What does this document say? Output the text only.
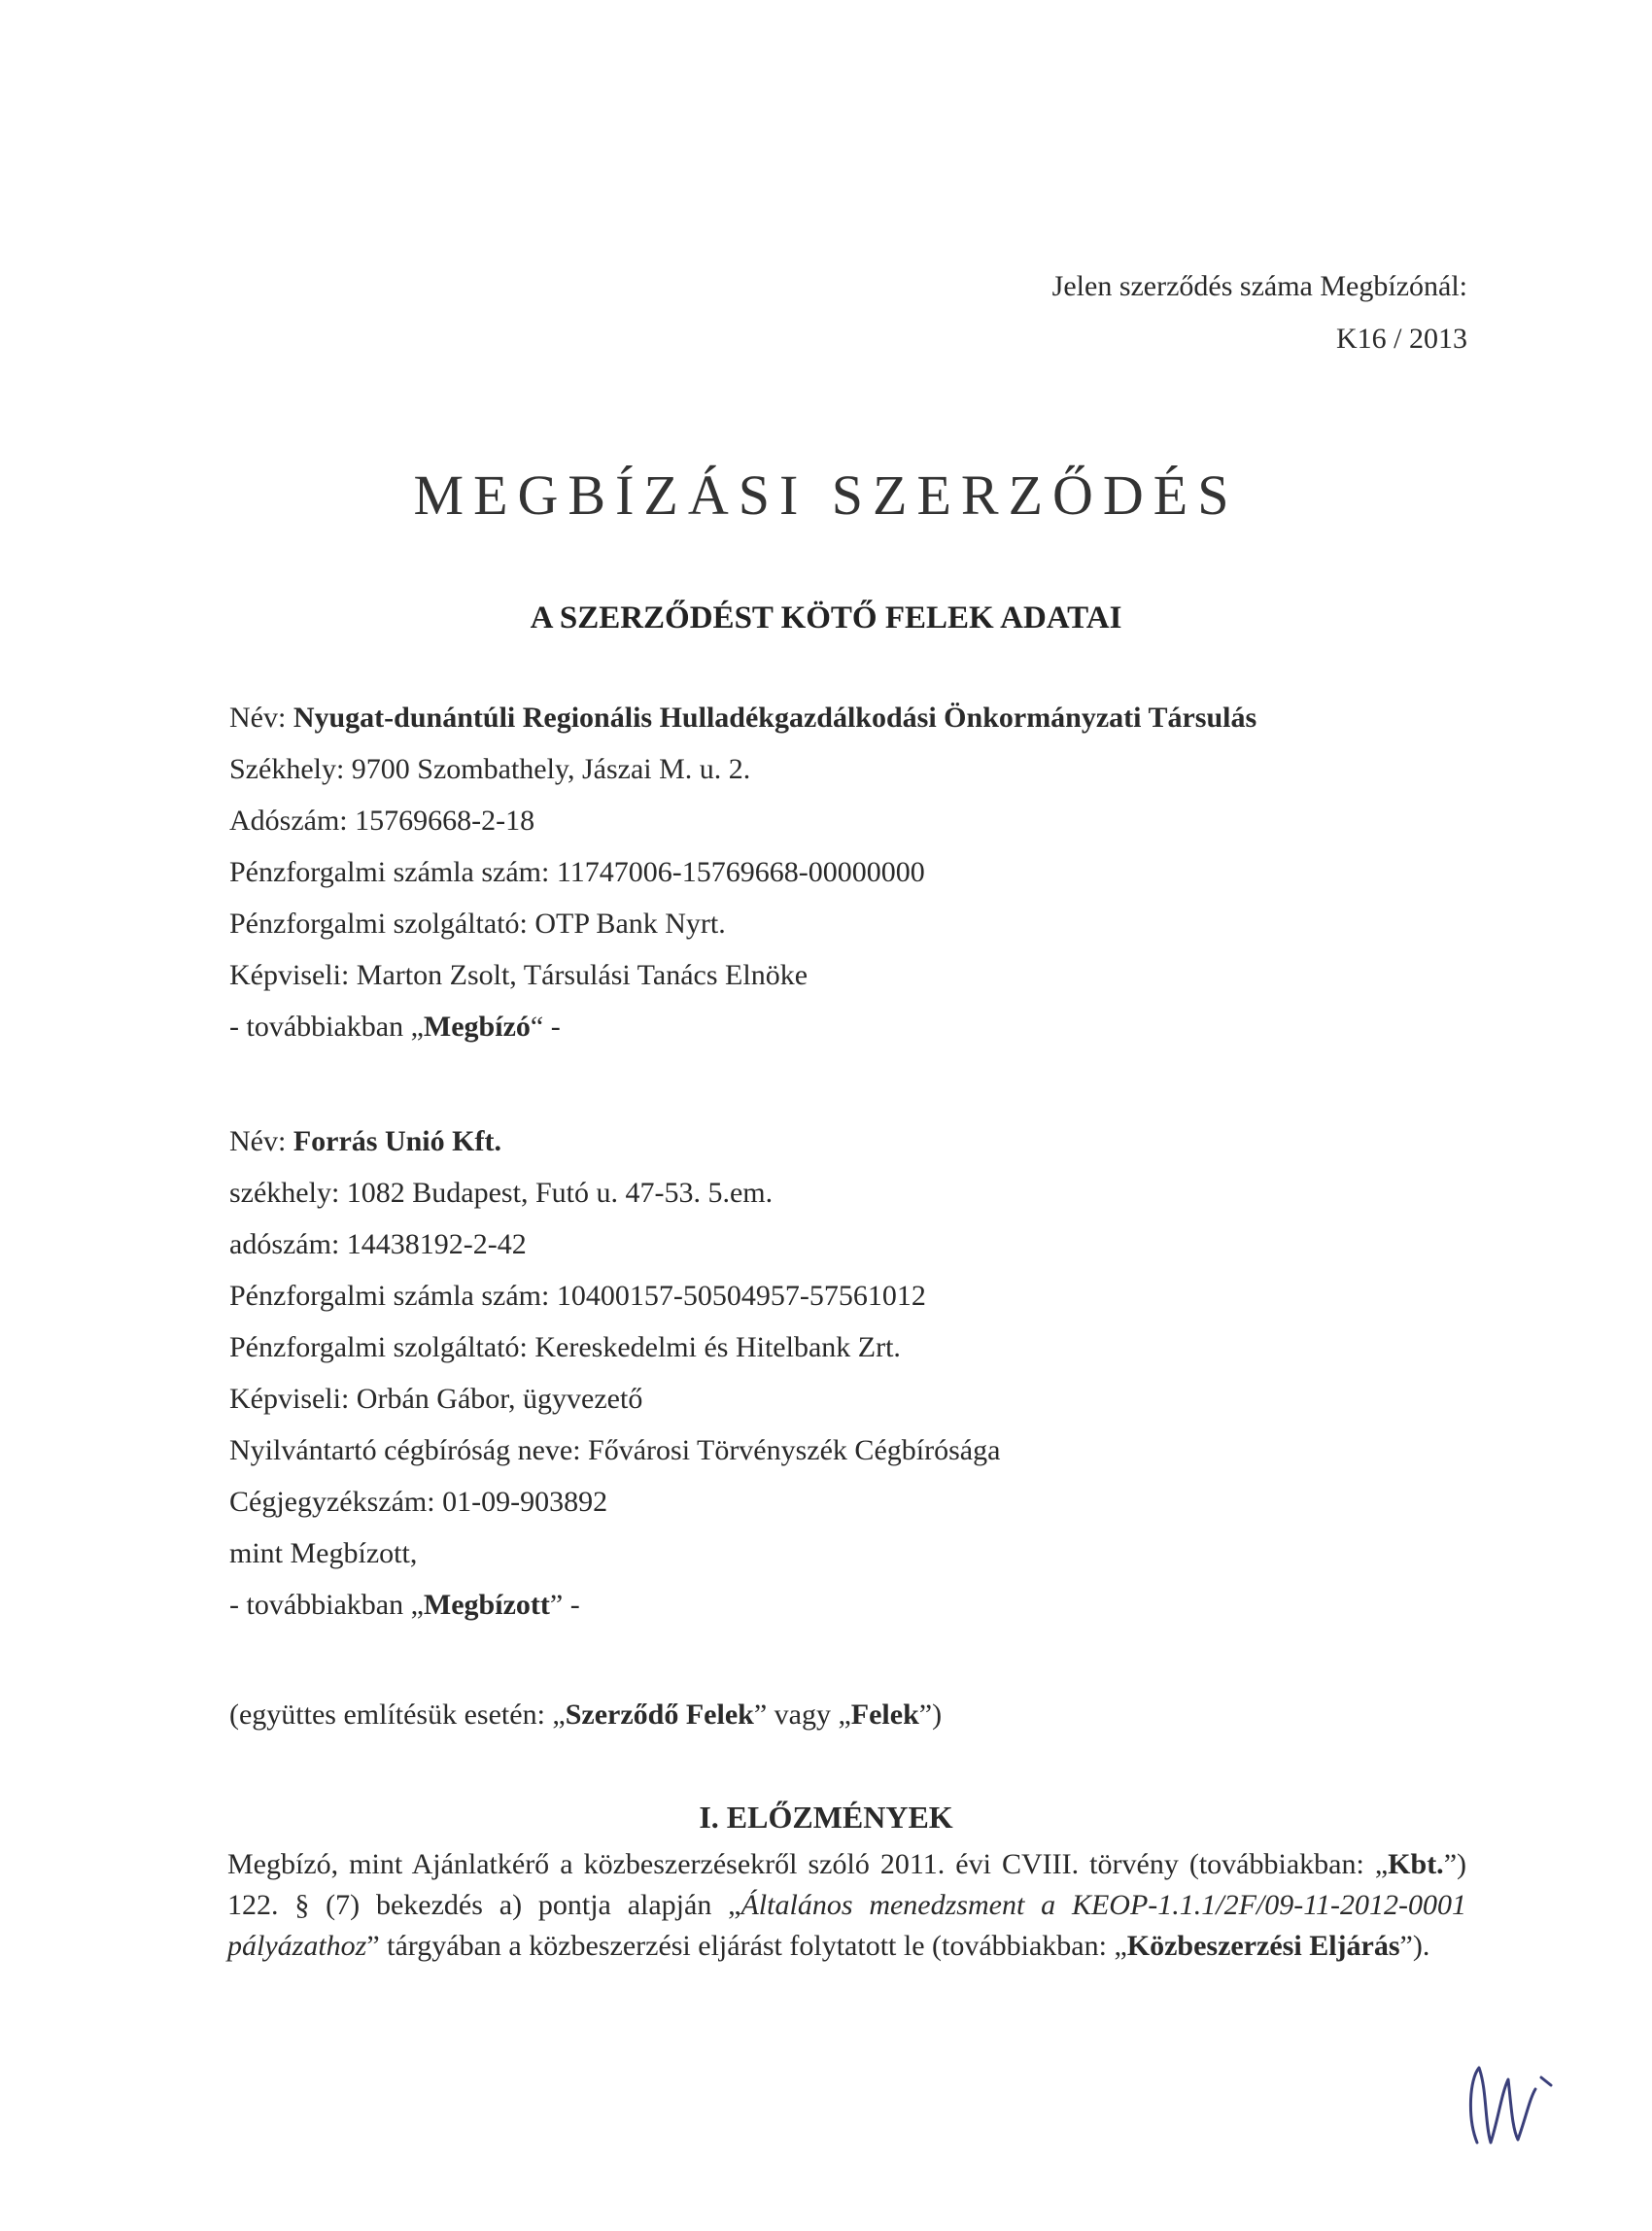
Jelen szerződés száma Megbízónál:
K16 / 2013
MEGBÍZÁSI SZERZŐDÉS
A SZERZŐDÉST KÖTŐ FELEK ADATAI
Név: Nyugat-dunántúli Regionális Hulladékgazdálkodási Önkormányzati Társulás
Székhely: 9700 Szombathely, Jászai M. u. 2.
Adószám: 15769668-2-18
Pénzforgalmi számla szám: 11747006-15769668-00000000
Pénzforgalmi szolgáltató: OTP Bank Nyrt.
Képviseli: Marton Zsolt, Társulási Tanács Elnöke
- továbbiakban „Megbízó“ -
Név: Forrás Unió Kft.
székhely: 1082 Budapest, Futó u. 47-53. 5.em.
adószám: 14438192-2-42
Pénzforgalmi számla szám: 10400157-50504957-57561012
Pénzforgalmi szolgáltató: Kereskedelmi és Hitelbank Zrt.
Képviseli: Orbán Gábor, ügyvezető
Nyilvántartó cégbíróság neve: Fővárosi Törvényszék Cégbírósága
Cégjegyzékszám: 01-09-903892
mint Megbízott,
- továbbiakban „Megbízott” -
(együttes említésük esetén: „Szerződő Felek” vagy „Felek”)
I. ELŐZMÉNYEK
Megbízó, mint Ajánlatkérő a közbeszerzésekről szóló 2011. évi CVIII. törvény (továbbiakban: „Kbt.”) 122. § (7) bekezdés a) pontja alapján „Általános menedzsment a KEOP-1.1.1/2F/09-11-2012-0001 pályázathoz” tárgyában a közbeszerzési eljárást folytatott le (továbbiakban: „Közbeszerzési Eljárás”).
